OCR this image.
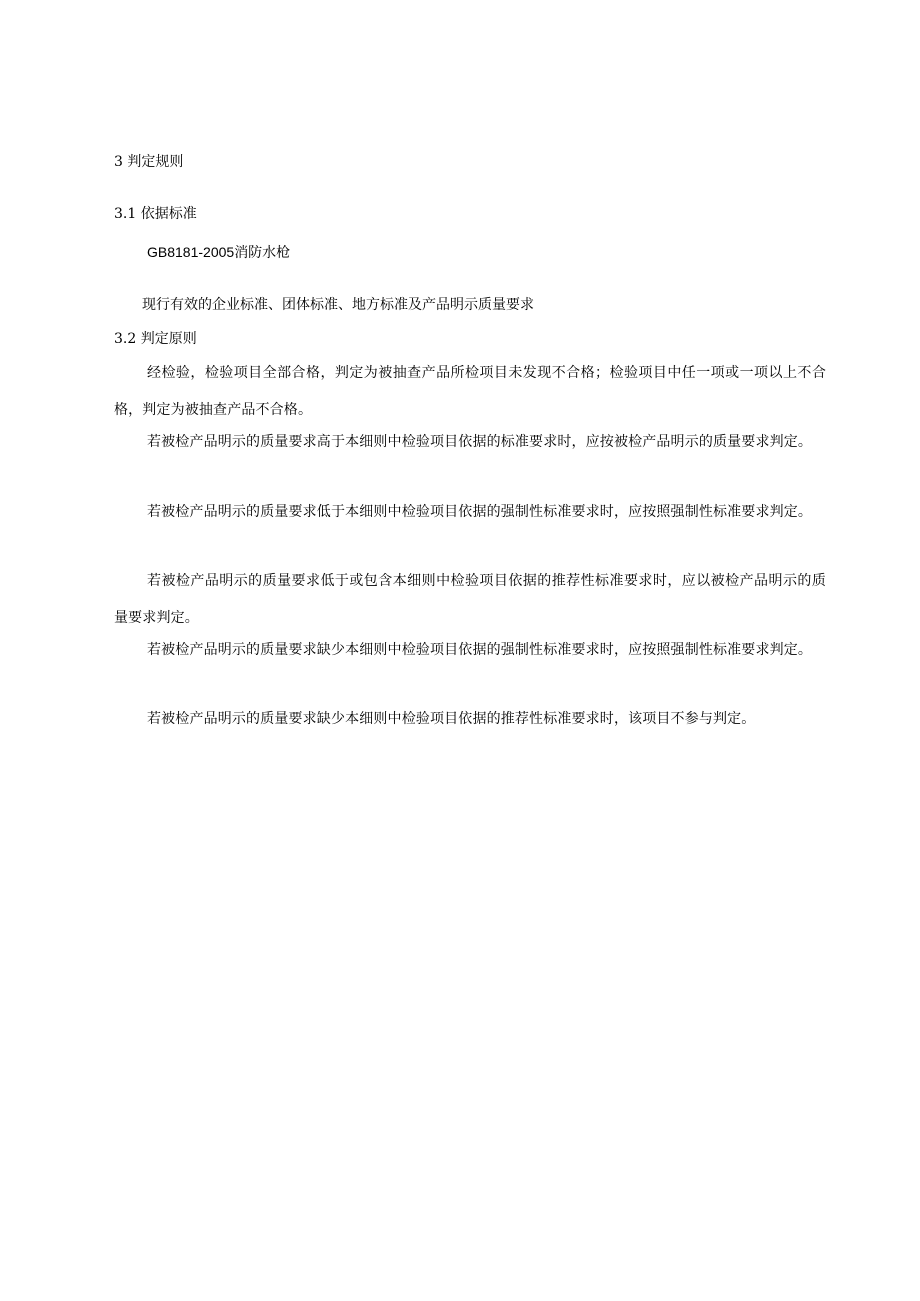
3 判定规则
3.1 依据标准
GB8181-2005消防水枪
现行有效的企业标准、团体标准、地方标准及产品明示质量要求
3.2 判定原则
经检验，检验项目全部合格，判定为被抽查产品所检项目未发现不合格；检验项目中任一项或一项以上不合格，判定为被抽查产品不合格。
若被检产品明示的质量要求高于本细则中检验项目依据的标准要求时，应按被检产品明示的质量要求判定。
若被检产品明示的质量要求低于本细则中检验项目依据的强制性标准要求时，应按照强制性标准要求判定。
若被检产品明示的质量要求低于或包含本细则中检验项目依据的推荐性标准要求时，应以被检产品明示的质量要求判定。
若被检产品明示的质量要求缺少本细则中检验项目依据的强制性标准要求时，应按照强制性标准要求判定。
若被检产品明示的质量要求缺少本细则中检验项目依据的推荐性标准要求时，该项目不参与判定。
